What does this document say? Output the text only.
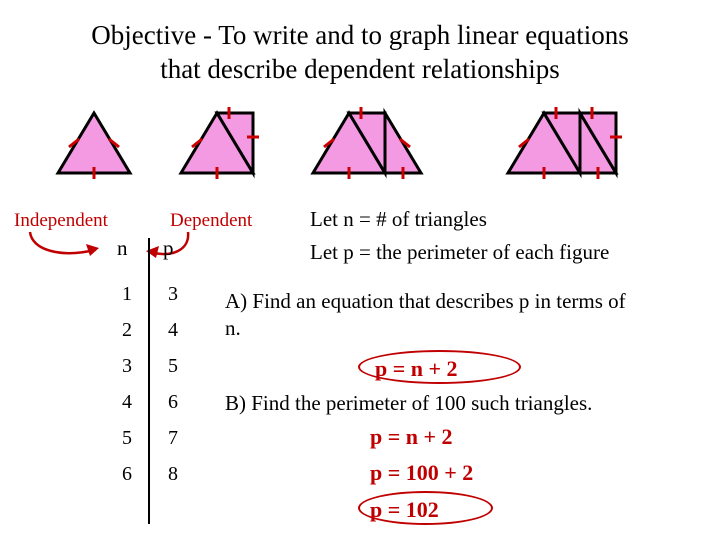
Objective - To write and to graph linear equations
that describe dependent relationships
Independent	Dependent
n p
1 3
2 4
3 5
4 6
5 7
6 8
Let n = # of triangles
Let p = the perimeter of each figure
A) Find an equation that describes p in terms of n.
B) Find the perimeter of 100 such triangles.
p = n + 2
p = n + 2
p = 100 + 2
p = 102
